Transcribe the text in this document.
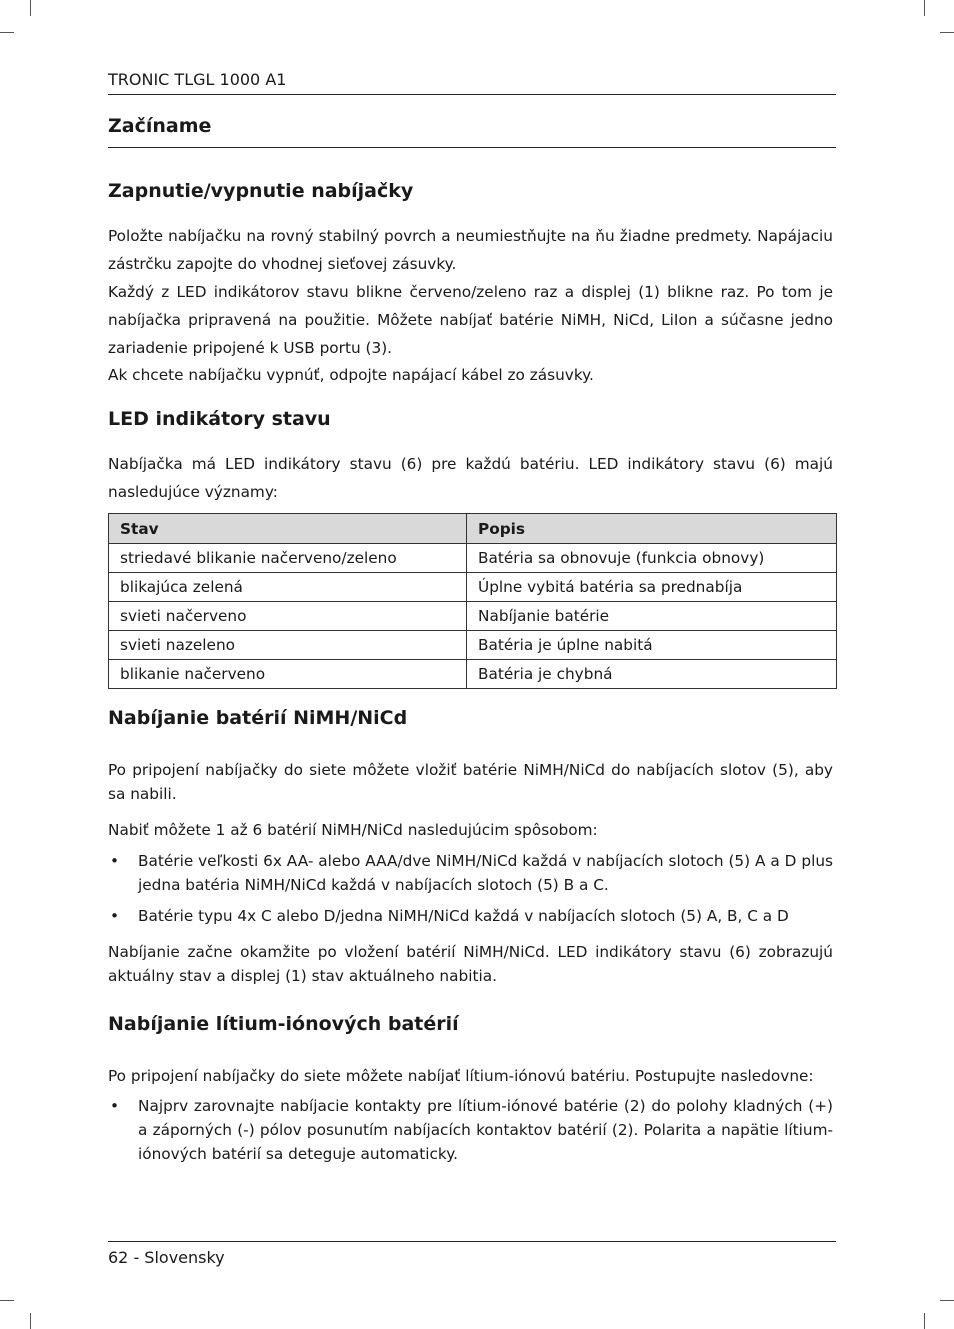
TRONIC TLGL 1000 A1
Začíname
Zapnutie/vypnutie nabíjačky
Položte nabíjačku na rovný stabilný povrch a neumiestňujte na ňu žiadne predmety. Napájaciu zástrčku zapojte do vhodnej sieťovej zásuvky.
Každý z LED indikátorov stavu blikne červeno/zeleno raz a displej (1) blikne raz. Po tom je nabíjačka pripravená na použitie. Môžete nabíjať batérie NiMH, NiCd, LiIon a súčasne jedno zariadenie pripojené k USB portu (3).
Ak chcete nabíjačku vypnúť, odpojte napájací kábel zo zásuvky.
LED indikátory stavu
Nabíjačka má LED indikátory stavu (6) pre každú batériu. LED indikátory stavu (6) majú nasledujúce významy:
Stav	Popis
striedavé blikanie načerveno/zeleno	Batéria sa obnovuje (funkcia obnovy)
blikajúca zelená	Úplne vybitá batéria sa prednabíja
svieti načerveno	Nabíjanie batérie
svieti nazeleno	Batéria je úplne nabitá
blikanie načerveno	Batéria je chybná
Nabíjanie batérií NiMH/NiCd
Po pripojení nabíjačky do siete môžete vložiť batérie NiMH/NiCd do nabíjacích slotov (5), aby sa nabili.
Nabiť môžete 1 až 6 batérií NiMH/NiCd nasledujúcim spôsobom:
• Batérie veľkosti 6x AA- alebo AAA/dve NiMH/NiCd každá v nabíjacích slotoch (5) A a D plus jedna batéria NiMH/NiCd každá v nabíjacích slotoch (5) B a C.
• Batérie typu 4x C alebo D/jedna NiMH/NiCd každá v nabíjacích slotoch (5) A, B, C a D
Nabíjanie začne okamžite po vložení batérií NiMH/NiCd. LED indikátory stavu (6) zobrazujú aktuálny stav a displej (1) stav aktuálneho nabitia.
Nabíjanie lítium-iónových batérií
Po pripojení nabíjačky do siete môžete nabíjať lítium-iónovú batériu. Postupujte nasledovne:
• Najprv zarovnajte nabíjacie kontakty pre lítium-iónové batérie (2) do polohy kladných (+) a záporných (-) pólov posunutím nabíjacích kontaktov batérií (2). Polarita a napätie lítium-iónových batérií sa deteguje automaticky.
62 - Slovensky
